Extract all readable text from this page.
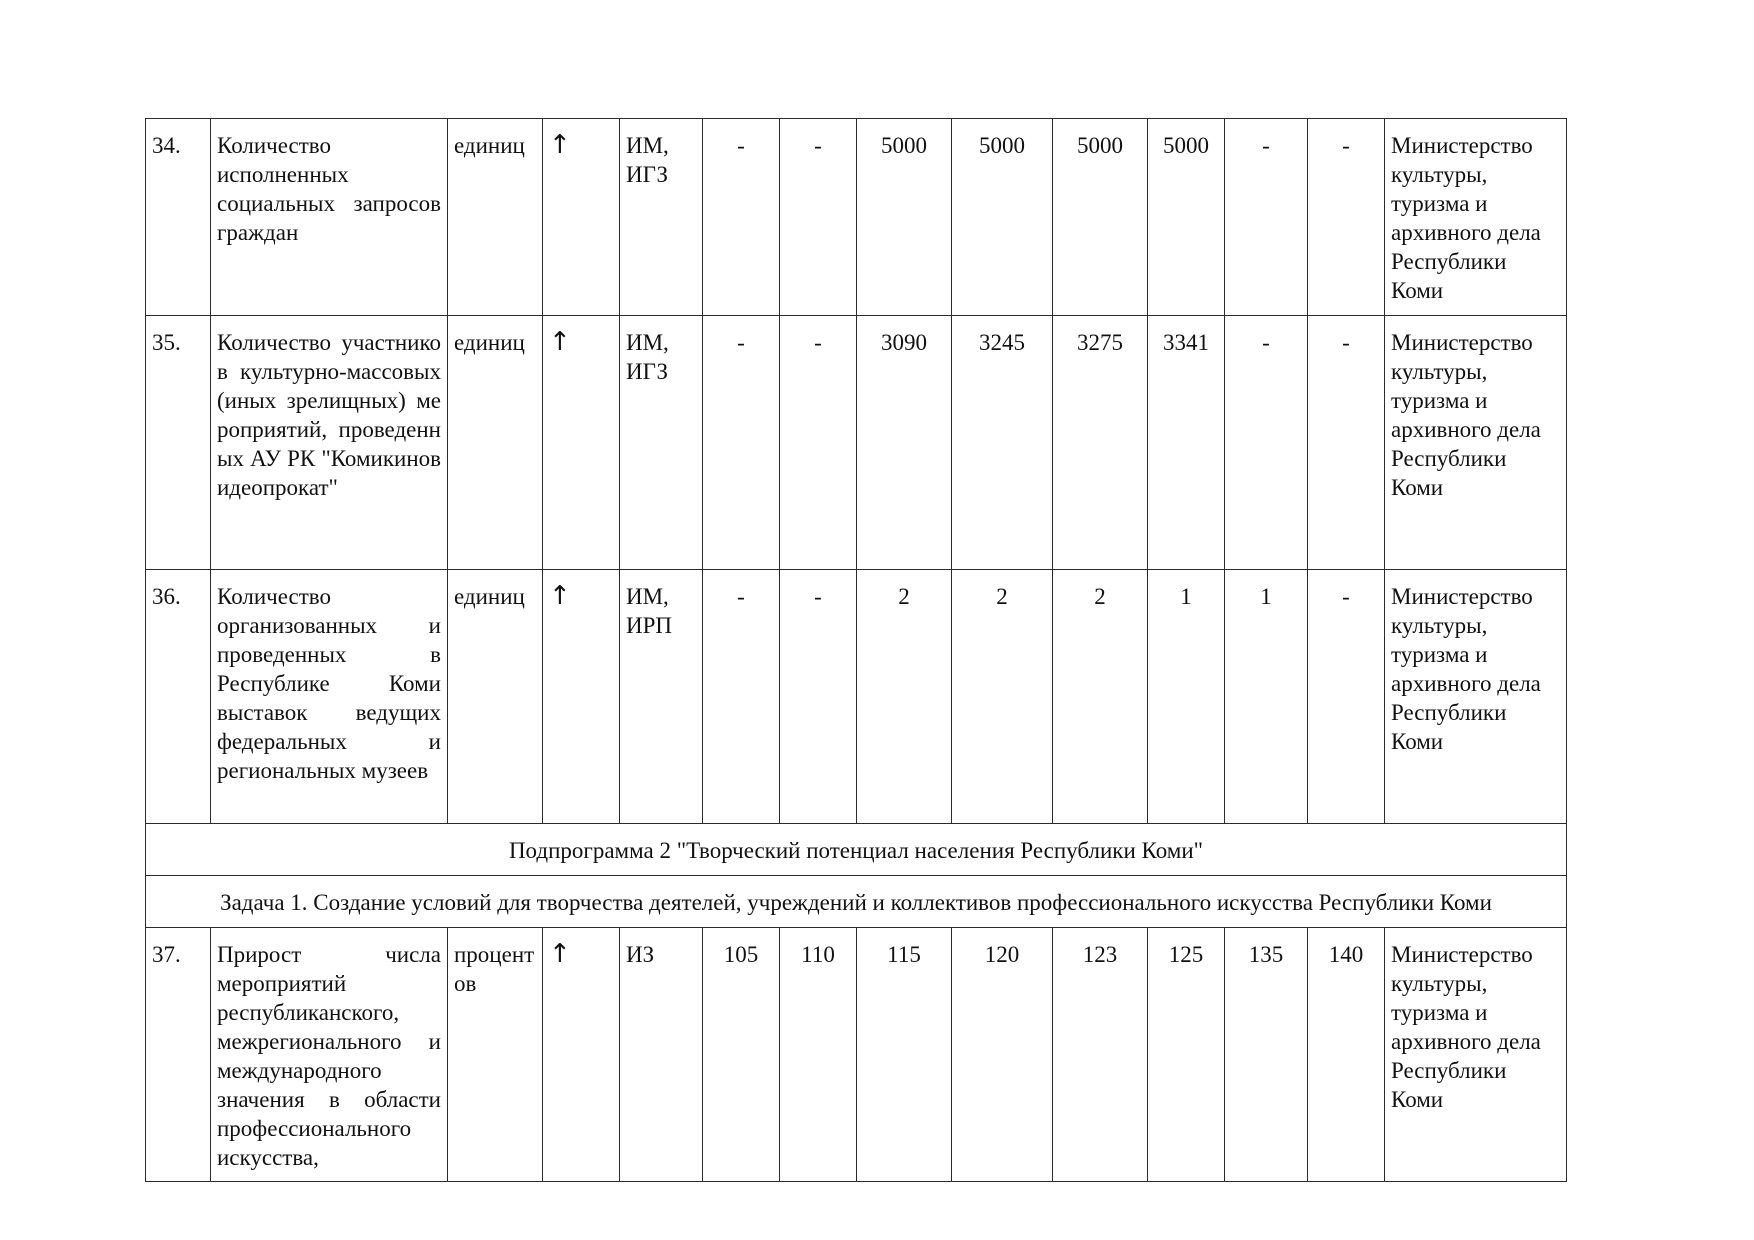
34.	Количество исполненных социальных запросов граждан	единиц	↑	ИМ, ИГЗ	-	-	5000	5000	5000	5000	-	-	Министерство культуры, туризма и архивного дела Республики Коми
35.	Количество участников культурно-массовых (иных зрелищных) мероприятий, проведенных АУ РК "Комикиновидеопрокат"	единиц	↑	ИМ, ИГЗ	-	-	3090	3245	3275	3341	-	-	Министерство культуры, туризма и архивного дела Республики Коми
36.	Количество организованных и проведенных в Республике Коми выставок ведущих федеральных и региональных музеев	единиц	↑	ИМ, ИРП	-	-	2	2	2	1	1	-	Министерство культуры, туризма и архивного дела Республики Коми
Подпрограмма 2 "Творческий потенциал населения Республики Коми"													
Задача 1. Создание условий для творчества деятелей, учреждений и коллективов профессионального искусства Республики Коми													
37.	Прирост числа мероприятий республиканского, межрегионального и международного значения в области профессионального искусства,	процентов	↑	ИЗ	105	110	115	120	123	125	135	140	Министерство культуры, туризма и архивного дела Республики Коми
